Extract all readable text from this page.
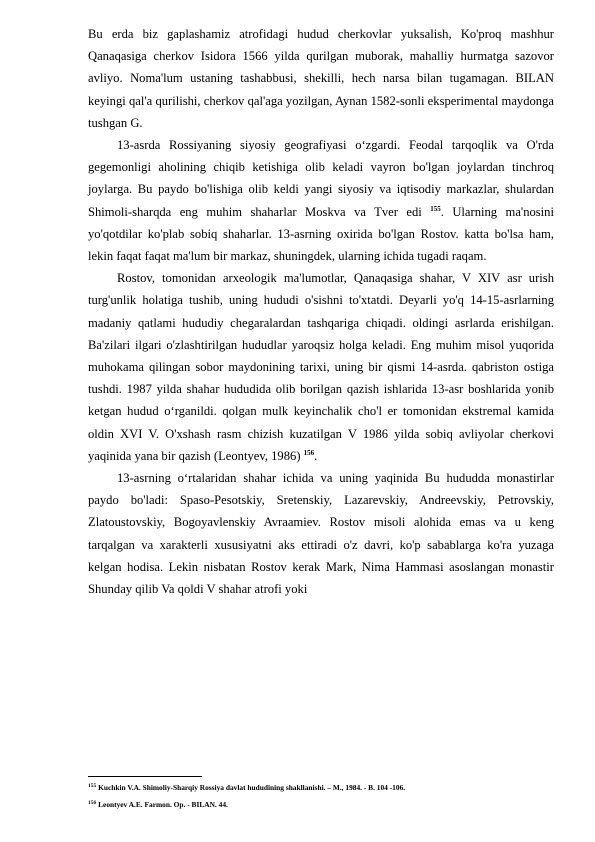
Bu erda biz gaplashamiz atrofidagi hudud cherkovlar yuksalish, Ko'proq mashhur Qanaqasiga cherkov Isidora 1566 yilda qurilgan muborak, mahalliy hurmatga sazovor avliyo. Noma'lum ustaning tashabbusi, shekilli, hech narsa bilan tugamagan. BILAN keyingi qal'a qurilishi, cherkov qal'aga yozilgan, Aynan 1582-sonli eksperimental maydonga tushgan G.

13-asrda Rossiyaning siyosiy geografiyasi o‘zgardi. Feodal tarqoqlik va O'rda gegemonligi aholining chiqib ketishiga olib keladi vayron bo'lgan joylardan tinchroq joylarga. Bu paydo bo'lishiga olib keldi yangi siyosiy va iqtisodiy markazlar, shulardan Shimoli-sharqda eng muhim shaharlar Moskva va Tver edi $^{155}$. Ularning ma'nosini yo'qotdilar ko'plab sobiq shaharlar. 13-asrning oxirida bo'lgan Rostov. katta bo'lsa ham, lekin faqat faqat ma'lum bir markaz, shuningdek, ularning ichida tugadi raqam.

Rostov, tomonidan arxeologik ma'lumotlar, Qanaqasiga shahar, V XIV asr urish turg'unlik holatiga tushib, uning hududi o'sishni to'xtatdi. Deyarli yo'q 14-15-asrlarning madaniy qatlami hududiy chegaralardan tashqariga chiqadi. oldingi asrlarda erishilgan. Ba'zilari ilgari o'zlashtirilgan hududlar yaroqsiz holga keladi. Eng muhim misol yuqorida muhokama qilingan sobor maydonining tarixi, uning bir qismi 14-asrda. qabriston ostiga tushdi. 1987 yilda shahar hududida olib borilgan qazish ishlarida 13-asr boshlarida yonib ketgan hudud o‘rganildi. qolgan mulk keyinchalik cho'l er tomonidan ekstremal kamida oldin XVI V. O'xshash rasm chizish kuzatilgan V 1986 yilda sobiq avliyolar cherkovi yaqinida yana bir qazish (Leontyev, 1986) $^{156}$.

13-asrning o‘rtalaridan shahar ichida va uning yaqinida Bu hududda monastirlar paydo bo'ladi: Spaso-Pesotskiy, Sretenskiy, Lazarevskiy, Andreevskiy, Petrovskiy, Zlatoustovskiy, Bogoyavlenskiy Avraamiev. Rostov misoli alohida emas va u keng tarqalgan va xarakterli xususiyatni aks ettiradi o'z davri, ko'p sabablarga ko'ra yuzaga kelgan hodisa. Lekin nisbatan Rostov kerak Mark, Nima Hammasi asoslangan monastir Shunday qilib Va qoldi V shahar atrofi yoki

$^{155}$ Kuchkin V.A. Shimoliy-Sharqiy Rossiya davlat hududining shakllanishi. – M., 1984. - B. 104 -106.
$^{156}$ Leontyev A.E. Farmon. Op. - BILAN. 44.
